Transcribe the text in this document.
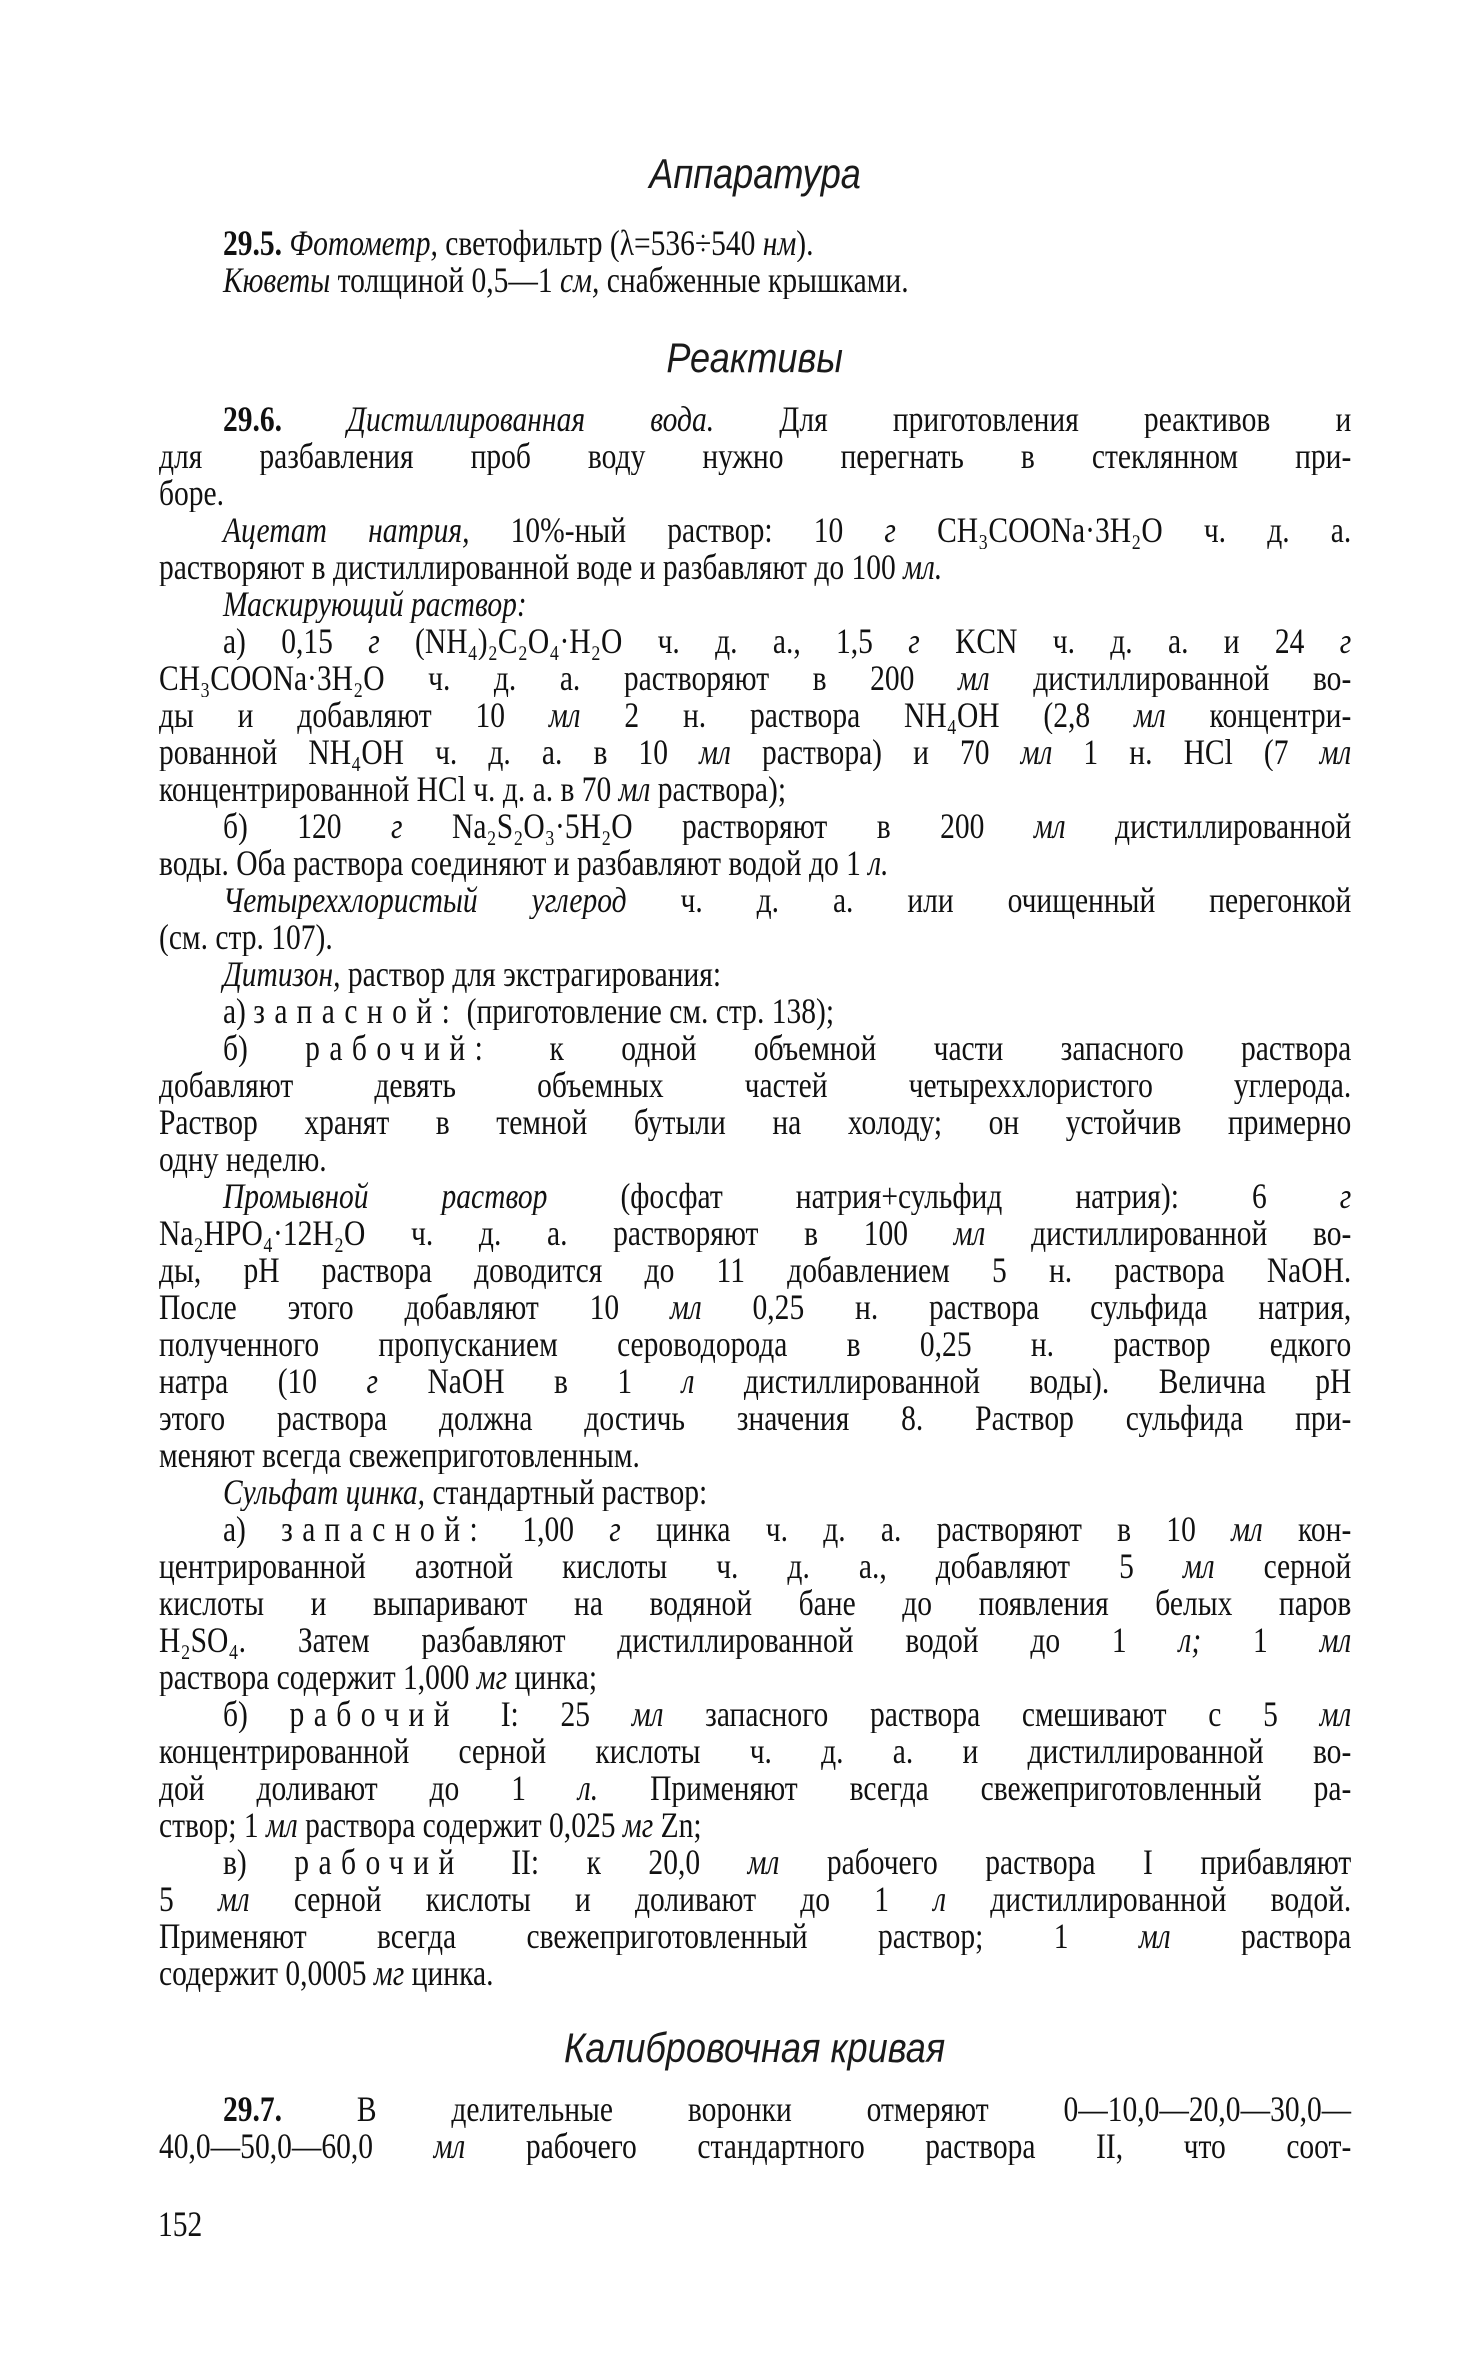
Аппаратура
29.5. Фотометр, светофильтр (λ=536÷540 нм).
Кюветы толщиной 0,5—1 см, снабженные крышками.
Реактивы
29.6. Дистиллированная вода. Для приготовления реактивов и
для разбавления проб воду нужно перегнать в стеклянном при-
боре.
Ацетат натрия, 10%-ный раствор: 10 г CH₃COONa·3H₂O ч. д. а.
растворяют в дистиллированной воде и разбавляют до 100 мл.
Маскирующий раствор:
а) 0,15 г (NH₄)₂C₂O₄·H₂O ч. д. а., 1,5 г KCN ч. д. а. и 24 г
CH₃COONa·3H₂O ч. д. а. растворяют в 200 мл дистиллированной во-
ды и добавляют 10 мл 2 н. раствора NH₄OH (2,8 мл концентри-
рованной NH₄OH ч. д. а. в 10 мл раствора) и 70 мл 1 н. HCl (7 мл
концентрированной HCl ч. д. а. в 70 мл раствора);
б) 120 г Na₂S₂O₃·5H₂O растворяют в 200 мл дистиллированной
воды. Оба раствора соединяют и разбавляют водой до 1 л.
Четыреххлористый углерод ч. д. а. или очищенный перегонкой
(см. стр. 107).
Дитизон, раствор для экстрагирования:
а) запасной: (приготовление см. стр. 138);
б) рабочий: к одной объемной части запасного раствора
добавляют девять объемных частей четыреххлористого углерода.
Раствор хранят в темной бутыли на холоду; он устойчив примерно
одну неделю.
Промывной раствор (фосфат натрия+сульфид натрия): 6 г
Na₂HPO₄·12H₂O ч. д. а. растворяют в 100 мл дистиллированной во-
ды, pH раствора доводится до 11 добавлением 5 н. раствора NaOH.
После этого добавляют 10 мл 0,25 н. раствора сульфида натрия,
полученного пропусканием сероводорода в 0,25 н. раствор едкого
натра (10 г NaOH в 1 л дистиллированной воды). Велична pH
этого раствора должна достичь значения 8. Раствор сульфида при-
меняют всегда свежеприготовленным.
Сульфат цинка, стандартный раствор:
а) запасной: 1,00 г цинка ч. д. а. растворяют в 10 мл кон-
центрированной азотной кислоты ч. д. а., добавляют 5 мл серной
кислоты и выпаривают на водяной бане до появления белых паров
H₂SO₄. Затем разбавляют дистиллированной водой до 1 л; 1 мл
раствора содержит 1,000 мг цинка;
б) рабочий I: 25 мл запасного раствора смешивают с 5 мл
концентрированной серной кислоты ч. д. а. и дистиллированной во-
дой доливают до 1 л. Применяют всегда свежеприготовленный ра-
створ; 1 мл раствора содержит 0,025 мг Zn;
в) рабочий II: к 20,0 мл рабочего раствора I прибавляют
5 мл серной кислоты и доливают до 1 л дистиллированной водой.
Применяют всегда свежеприготовленный раствор; 1 мл раствора
содержит 0,0005 мг цинка.
Калибровочная кривая
29.7. В делительные воронки отмеряют 0—10,0—20,0—30,0—
40,0—50,0—60,0 мл рабочего стандартного раствора II, что соот-
152
